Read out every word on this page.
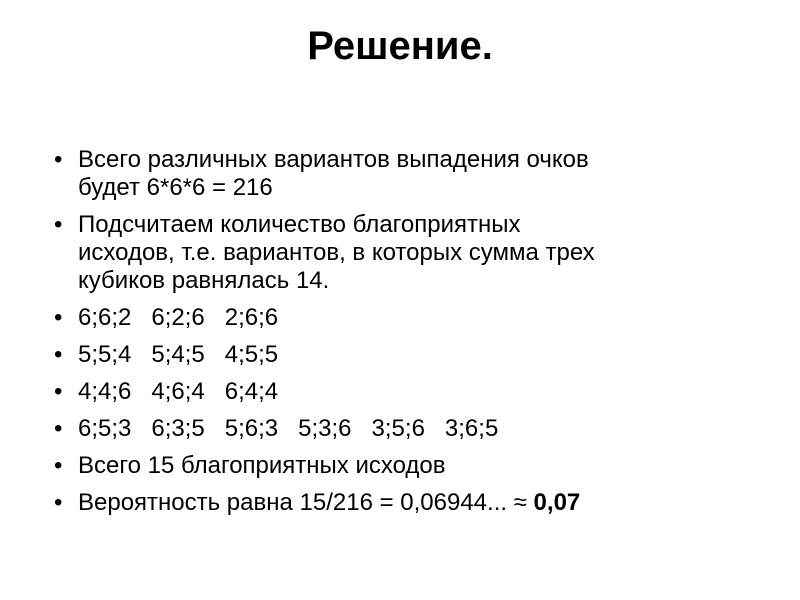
Решение.
• Всего различных вариантов выпадения очков
будет 6*6*6 = 216
• Подсчитаем количество благоприятных
исходов, т.е. вариантов, в которых сумма трех
кубиков равнялась 14.
• 6;6;2   6;2;6   2;6;6
• 5;5;4   5;4;5   4;5;5
• 4;4;6   4;6;4   6;4;4
• 6;5;3   6;3;5   5;6;3   5;3;6   3;5;6   3;6;5
• Всего 15 благоприятных исходов
• Вероятность равна 15/216 = 0,06944... ≈ 0,07
